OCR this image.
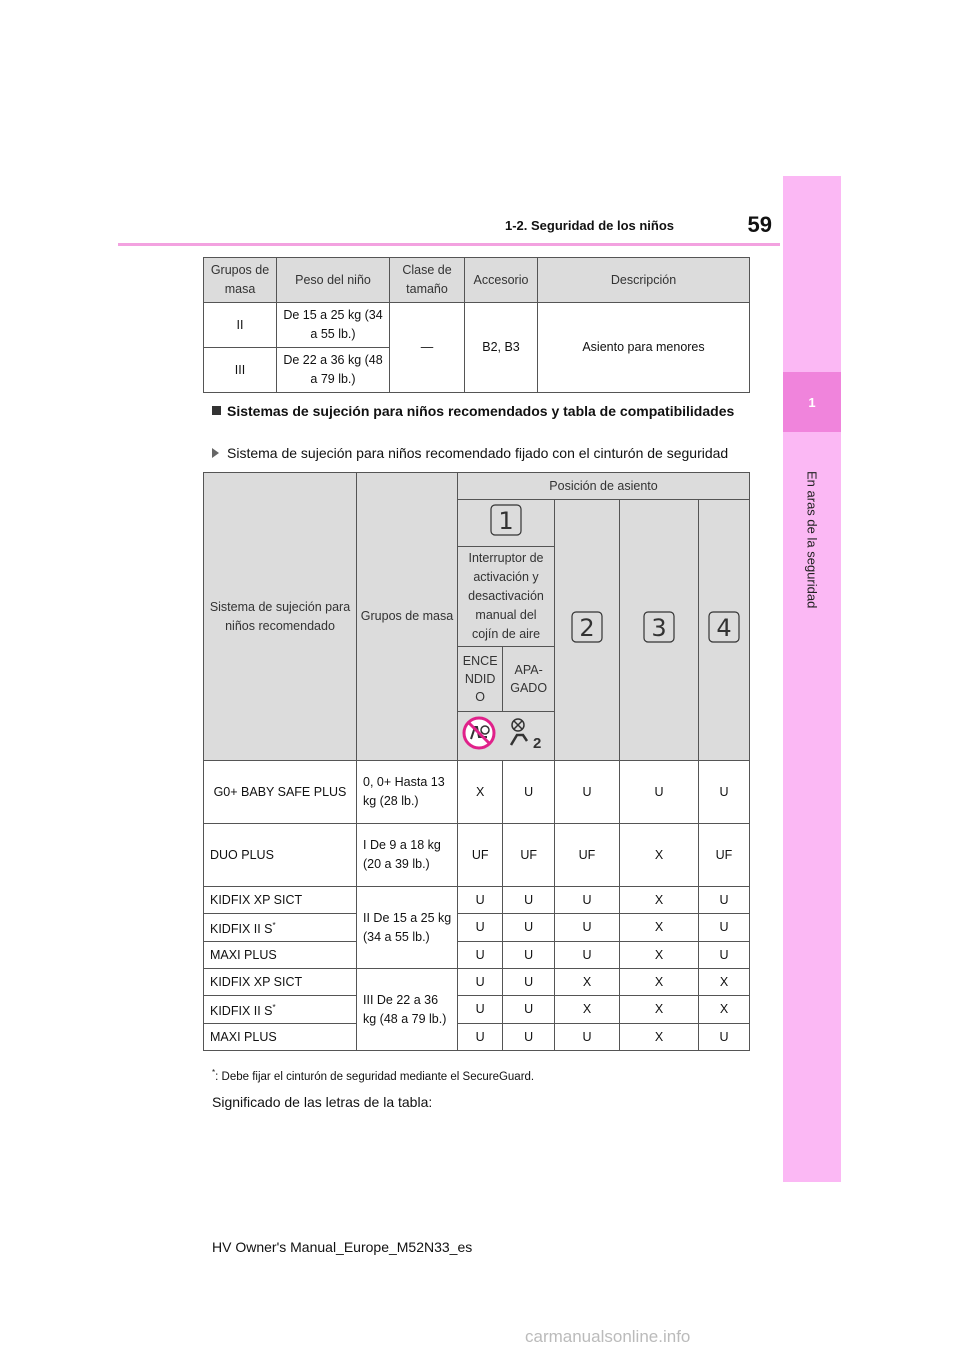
59
1-2. Seguridad de los niños
1
En aras de la seguridad
Grupos de masa	Peso del niño	Clase de tamaño	Accesorio	Descripción
II	De 15 a 25 kg (34 a 55 lb.)	—	B2, B3	Asiento para menores
III	De 22 a 36 kg (48 a 79 lb.)			
Sistemas de sujeción para niños recomendados y tabla de compatibilidades
Sistema de sujeción para niños recomendado fijado con el cinturón de seguridad
Sistema de sujeción para niños recomendado	Grupos de masa	Posición de asiento				

1		2	3	4

		Interruptor de activación y desactivación manual del cojín de aire				
		ENCE NDID O	APA- GADO			

2				

G0+ BABY SAFE PLUS	0, 0+ Hasta 13 kg (28 lb.)	X	U	U	U	U
DUO PLUS	I De 9 a 18 kg (20 a 39 lb.)	UF	UF	UF	X	UF
KIDFIX XP SICT	II De 15 a 25 kg (34 a 55 lb.)	U	U	U	X	U
KIDFIX II S*		U	U	U	X	U
MAXI PLUS		U	U	U	X	U
KIDFIX XP SICT	III De 22 a 36 kg (48 a 79 lb.)	U	U	X	X	X
KIDFIX II S*		U	U	X	X	X
MAXI PLUS		U	U	U	X	U
*: Debe fijar el cinturón de seguridad mediante el SecureGuard.
Significado de las letras de la tabla:
HV Owner's Manual_Europe_M52N33_es
carmanualsonline.info
